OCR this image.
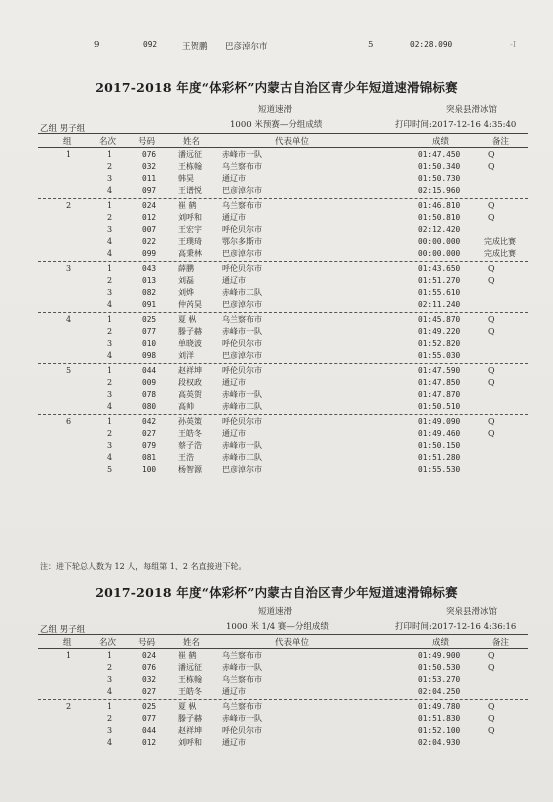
9	092	王贺鹏 巴彦淖尔市	5	02:28.090	-I
2017-2018 年度“体彩杯”内蒙古自治区青少年短道速滑锦标赛
短道速滑	突泉县滑冰馆
1000 米预赛—分组成绩
乙组 男子组	打印时间:2017-12-16 4:35:40
组	名次	号码	姓名	代表单位	成绩	备注
1	1	076	潘远征	赤峰市一队	01:47.450	Q
2	032	王栋翰	乌兰察布市	01:50.340	Q
3	011	韩昊	通辽市	01:50.730
4	097	王谱悦	巴彦淖尔市	02:15.960
2	1	024	崔 鹤	乌兰察布市	01:46.810	Q
2	012	刘呼和	通辽市	01:50.810	Q
3	007	王宏宇	呼伦贝尔市	02:12.420
4	022	王璞琦	鄂尔多斯市	00:00.000	完成比赛
4	099	高秉林	巴彦淖尔市	00:00.000	完成比赛
3	1	043	薛鹏	呼伦贝尔市	01:43.650	Q
2	013	刘磊	通辽市	01:51.270	Q
3	082	刘烨	赤峰市二队	01:55.610
4	091	仲芮昊	巴彦淖尔市	02:11.240
4	1	025	夏 枞	乌兰察布市	01:45.870	Q
2	077	滕子赫	赤峰市一队	01:49.220	Q
3	010	单晓波	呼伦贝尔市	01:52.820
4	098	刘洋	巴彦淖尔市	01:55.030
5	1	044	赵祥坤	呼伦贝尔市	01:47.590	Q
2	009	段权政	通辽市	01:47.850	Q
3	078	高英贺	赤峰市一队	01:47.870
4	080	高帅	赤峰市二队	01:50.510
6	1	042	孙英策	呼伦贝尔市	01:49.090	Q
2	027	王皓冬	通辽市	01:49.460	Q
3	079	蔡子浩	赤峰市一队	01:50.150
4	081	王浩	赤峰市二队	01:51.280
5	100	杨智源	巴彦淖尔市	01:55.530
注：进下轮总人数为 12 人，每组第 1、2 名直接进下轮。
2017-2018 年度“体彩杯”内蒙古自治区青少年短道速滑锦标赛
短道速滑	突泉县滑冰馆
1000 米 1/4 赛—分组成绩
乙组 男子组	打印时间:2017-12-16 4:36:16
组	名次	号码	姓名	代表单位	成绩	备注
1	1	024	崔 鹤	乌兰察布市	01:49.900	Q
2	076	潘远征	赤峰市一队	01:50.530	Q
3	032	王栋翰	乌兰察布市	01:53.270
4	027	王皓冬	通辽市	02:04.250
2	1	025	夏 枞	乌兰察布市	01:49.780	Q
2	077	滕子赫	赤峰市一队	01:51.830	Q
3	044	赵祥坤	呼伦贝尔市	01:52.100	Q
4	012	刘呼和	通辽市	02:04.930
